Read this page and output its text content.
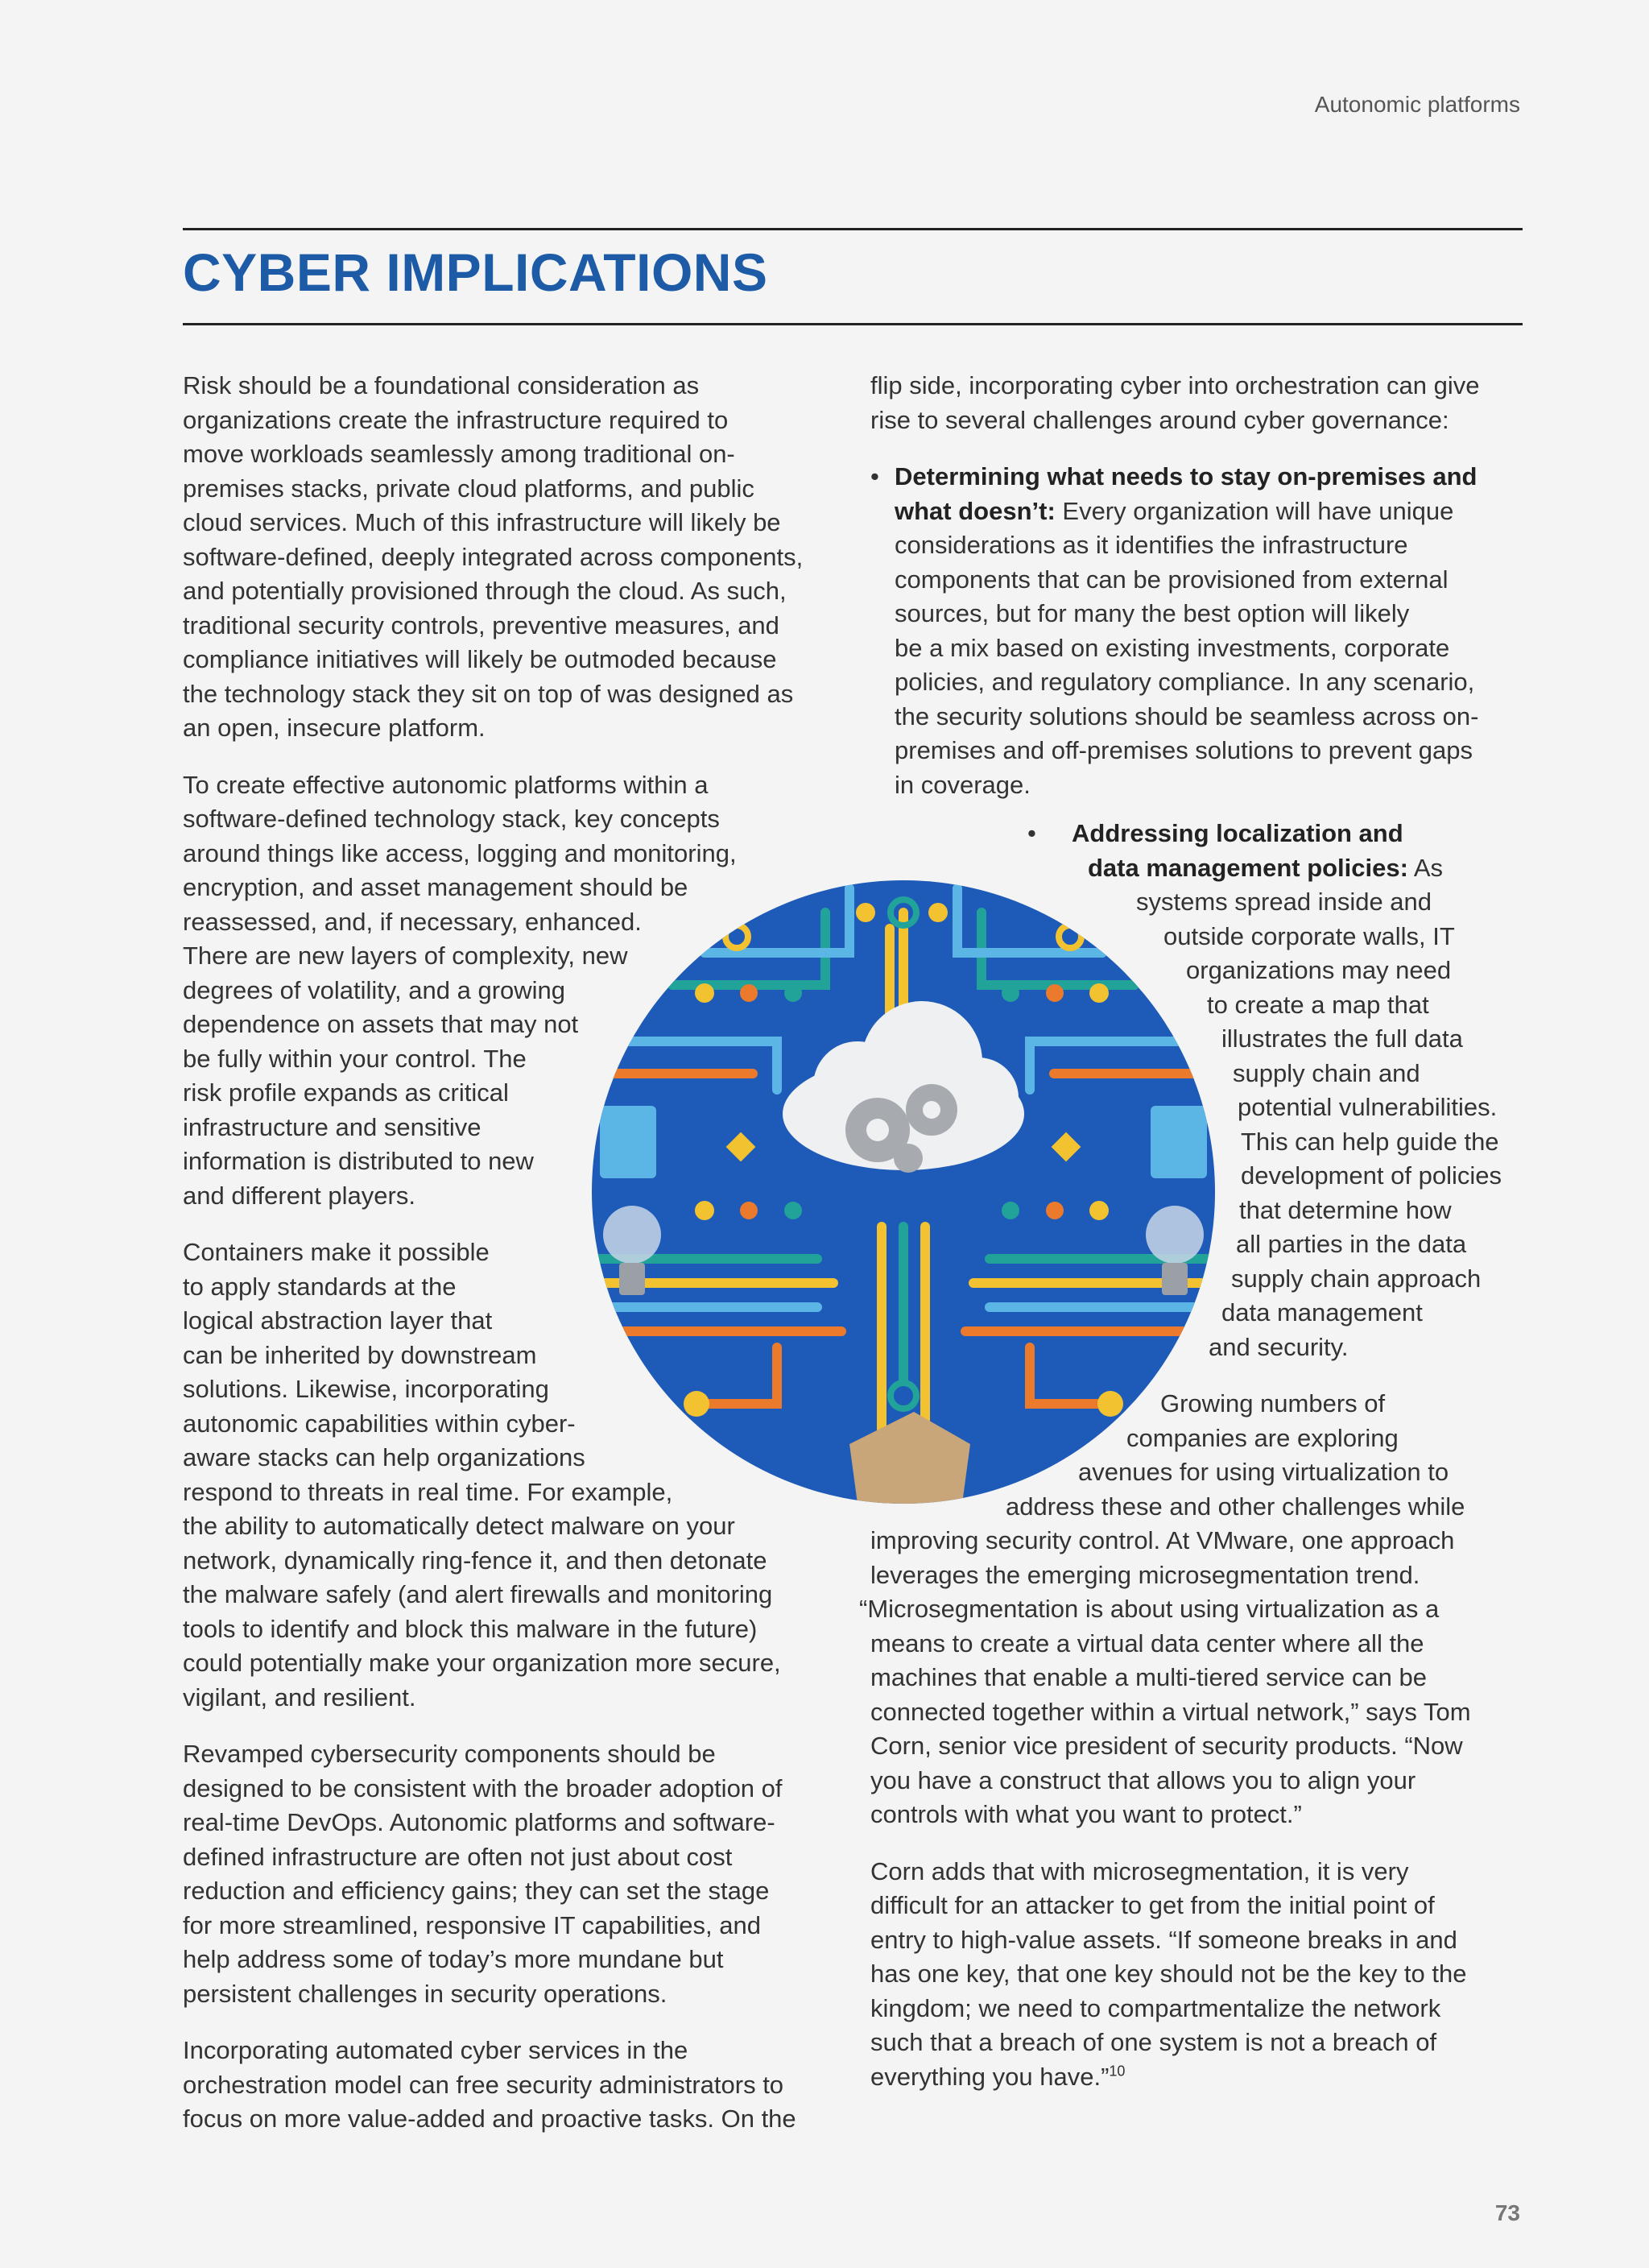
Autonomic platforms
CYBER IMPLICATIONS

Risk should be a foundational consideration as
organizations create the infrastructure required to
move workloads seamlessly among traditional on-
premises stacks, private cloud platforms, and public
cloud services. Much of this infrastructure will likely be
software-defined, deeply integrated across components,
and potentially provisioned through the cloud. As such,
traditional security controls, preventive measures, and
compliance initiatives will likely be outmoded because
the technology stack they sit on top of was designed as
an open, insecure platform.

To create effective autonomic platforms within a
software-defined technology stack, key concepts
around things like access, logging and monitoring,
encryption, and asset management should be
reassessed, and, if necessary, enhanced.
There are new layers of complexity, new
degrees of volatility, and a growing
dependence on assets that may not
be fully within your control. The
risk profile expands as critical
infrastructure and sensitive
information is distributed to new
and different players.

Containers make it possible
to apply standards at the
logical abstraction layer that
can be inherited by downstream
solutions. Likewise, incorporating
autonomic capabilities within cyber-
aware stacks can help organizations
respond to threats in real time. For example,
the ability to automatically detect malware on your
network, dynamically ring-fence it, and then detonate
the malware safely (and alert firewalls and monitoring
tools to identify and block this malware in the future)
could potentially make your organization more secure,
vigilant, and resilient.

Revamped cybersecurity components should be
designed to be consistent with the broader adoption of
real-time DevOps. Autonomic platforms and software-
defined infrastructure are often not just about cost
reduction and efficiency gains; they can set the stage
for more streamlined, responsive IT capabilities, and
help address some of today’s more mundane but
persistent challenges in security operations.

Incorporating automated cyber services in the
orchestration model can free security administrators to
focus on more value-added and proactive tasks. On the

flip side, incorporating cyber into orchestration can give
rise to several challenges around cyber governance:

• Determining what needs to stay on-premises and
what doesn’t: Every organization will have unique
considerations as it identifies the infrastructure
components that can be provisioned from external
sources, but for many the best option will likely
be a mix based on existing investments, corporate
policies, and regulatory compliance. In any scenario,
the security solutions should be seamless across on-
premises and off-premises solutions to prevent gaps
in coverage.
•	Addressing localization and
data management policies: As
systems spread inside and
outside corporate walls, IT
organizations may need
to create a map that
illustrates the full data
supply chain and
potential vulnerabilities.
This can help guide the
development of policies
that determine how
all parties in the data
supply chain approach
data management
and security.
Growing numbers of
companies are exploring
avenues for using virtualization to
address these and other challenges while
improving security control. At VMware, one approach
leverages the emerging microsegmentation trend.
“Microsegmentation is about using virtualization as a
means to create a virtual data center where all the
machines that enable a multi-tiered service can be
connected together within a virtual network,” says Tom
Corn, senior vice president of security products. “Now
you have a construct that allows you to align your
controls with what you want to protect.”

Corn adds that with microsegmentation, it is very
difficult for an attacker to get from the initial point of
entry to high-value assets. “If someone breaks in and
has one key, that one key should not be the key to the
kingdom; we need to compartmentalize the network
such that a breach of one system is not a breach of
everything you have.”$^{10}$

73
